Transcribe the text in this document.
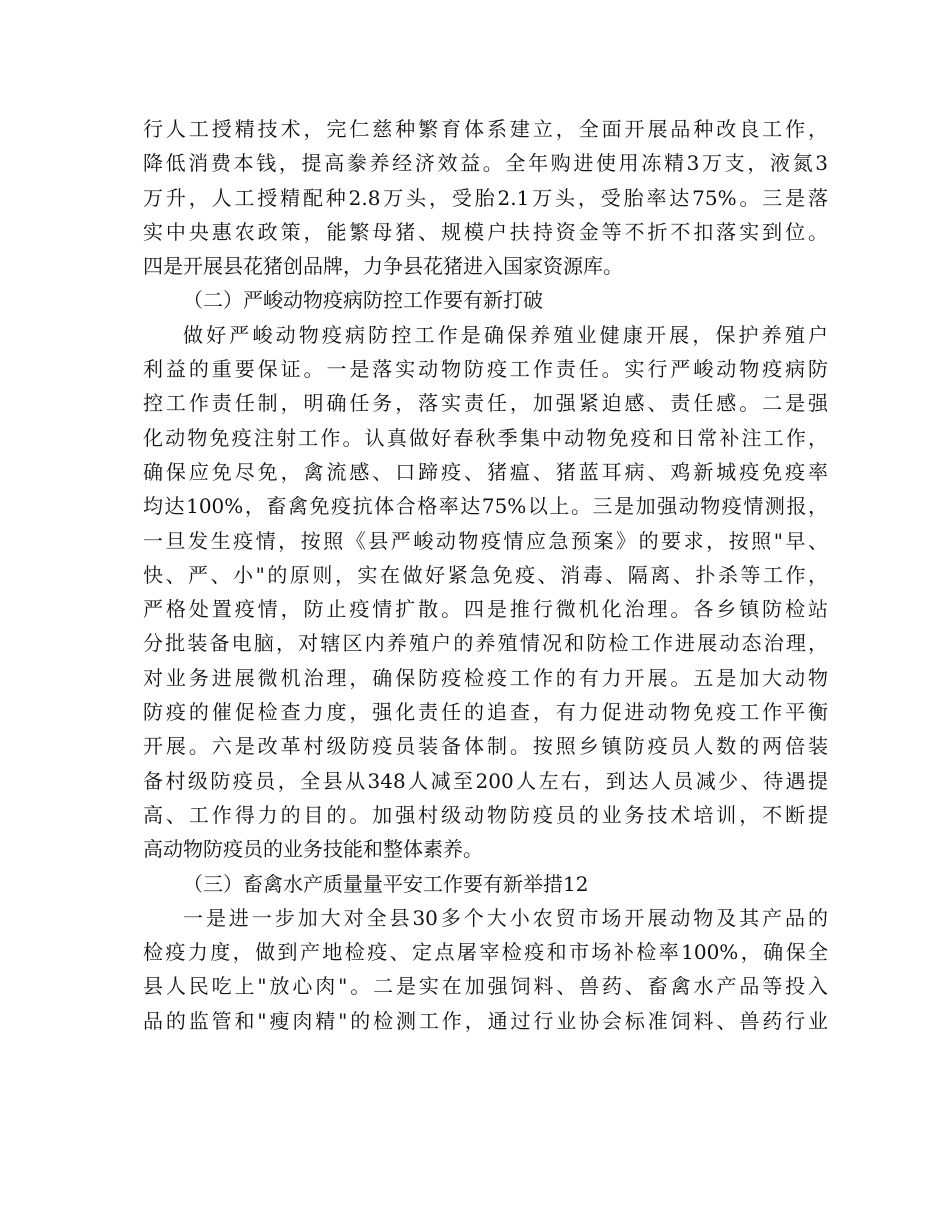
行人工授精技术，完仁慈种繁育体系建立，全面开展品种改良工作，
降低消费本钱，提高豢养经济效益。全年购进使用冻精3万支，液氮3
万升，人工授精配种2.8万头，受胎2.1万头，受胎率达75%。三是落
实中央惠农政策，能繁母猪、规模户扶持资金等不折不扣落实到位。
四是开展县花猪创品牌，力争县花猪进入国家资源库。
（二）严峻动物疫病防控工作要有新打破
做好严峻动物疫病防控工作是确保养殖业健康开展，保护养殖户
利益的重要保证。一是落实动物防疫工作责任。实行严峻动物疫病防
控工作责任制，明确任务，落实责任，加强紧迫感、责任感。二是强
化动物免疫注射工作。认真做好春秋季集中动物免疫和日常补注工作，
确保应免尽免，禽流感、口蹄疫、猪瘟、猪蓝耳病、鸡新城疫免疫率
均达100%，畜禽免疫抗体合格率达75%以上。三是加强动物疫情测报，
一旦发生疫情，按照《县严峻动物疫情应急预案》的要求，按照"早、
快、严、小"的原则，实在做好紧急免疫、消毒、隔离、扑杀等工作，
严格处置疫情，防止疫情扩散。四是推行微机化治理。各乡镇防检站
分批装备电脑，对辖区内养殖户的养殖情况和防检工作进展动态治理，
对业务进展微机治理，确保防疫检疫工作的有力开展。五是加大动物
防疫的催促检查力度，强化责任的追查，有力促进动物免疫工作平衡
开展。六是改革村级防疫员装备体制。按照乡镇防疫员人数的两倍装
备村级防疫员，全县从348人减至200人左右，到达人员减少、待遇提
高、工作得力的目的。加强村级动物防疫员的业务技术培训，不断提
高动物防疫员的业务技能和整体素养。
（三）畜禽水产质量量平安工作要有新举措12
一是进一步加大对全县30多个大小农贸市场开展动物及其产品的
检疫力度，做到产地检疫、定点屠宰检疫和市场补检率100%，确保全
县人民吃上"放心肉"。二是实在加强饲料、兽药、畜禽水产品等投入
品的监管和"瘦肉精"的检测工作，通过行业协会标准饲料、兽药行业
